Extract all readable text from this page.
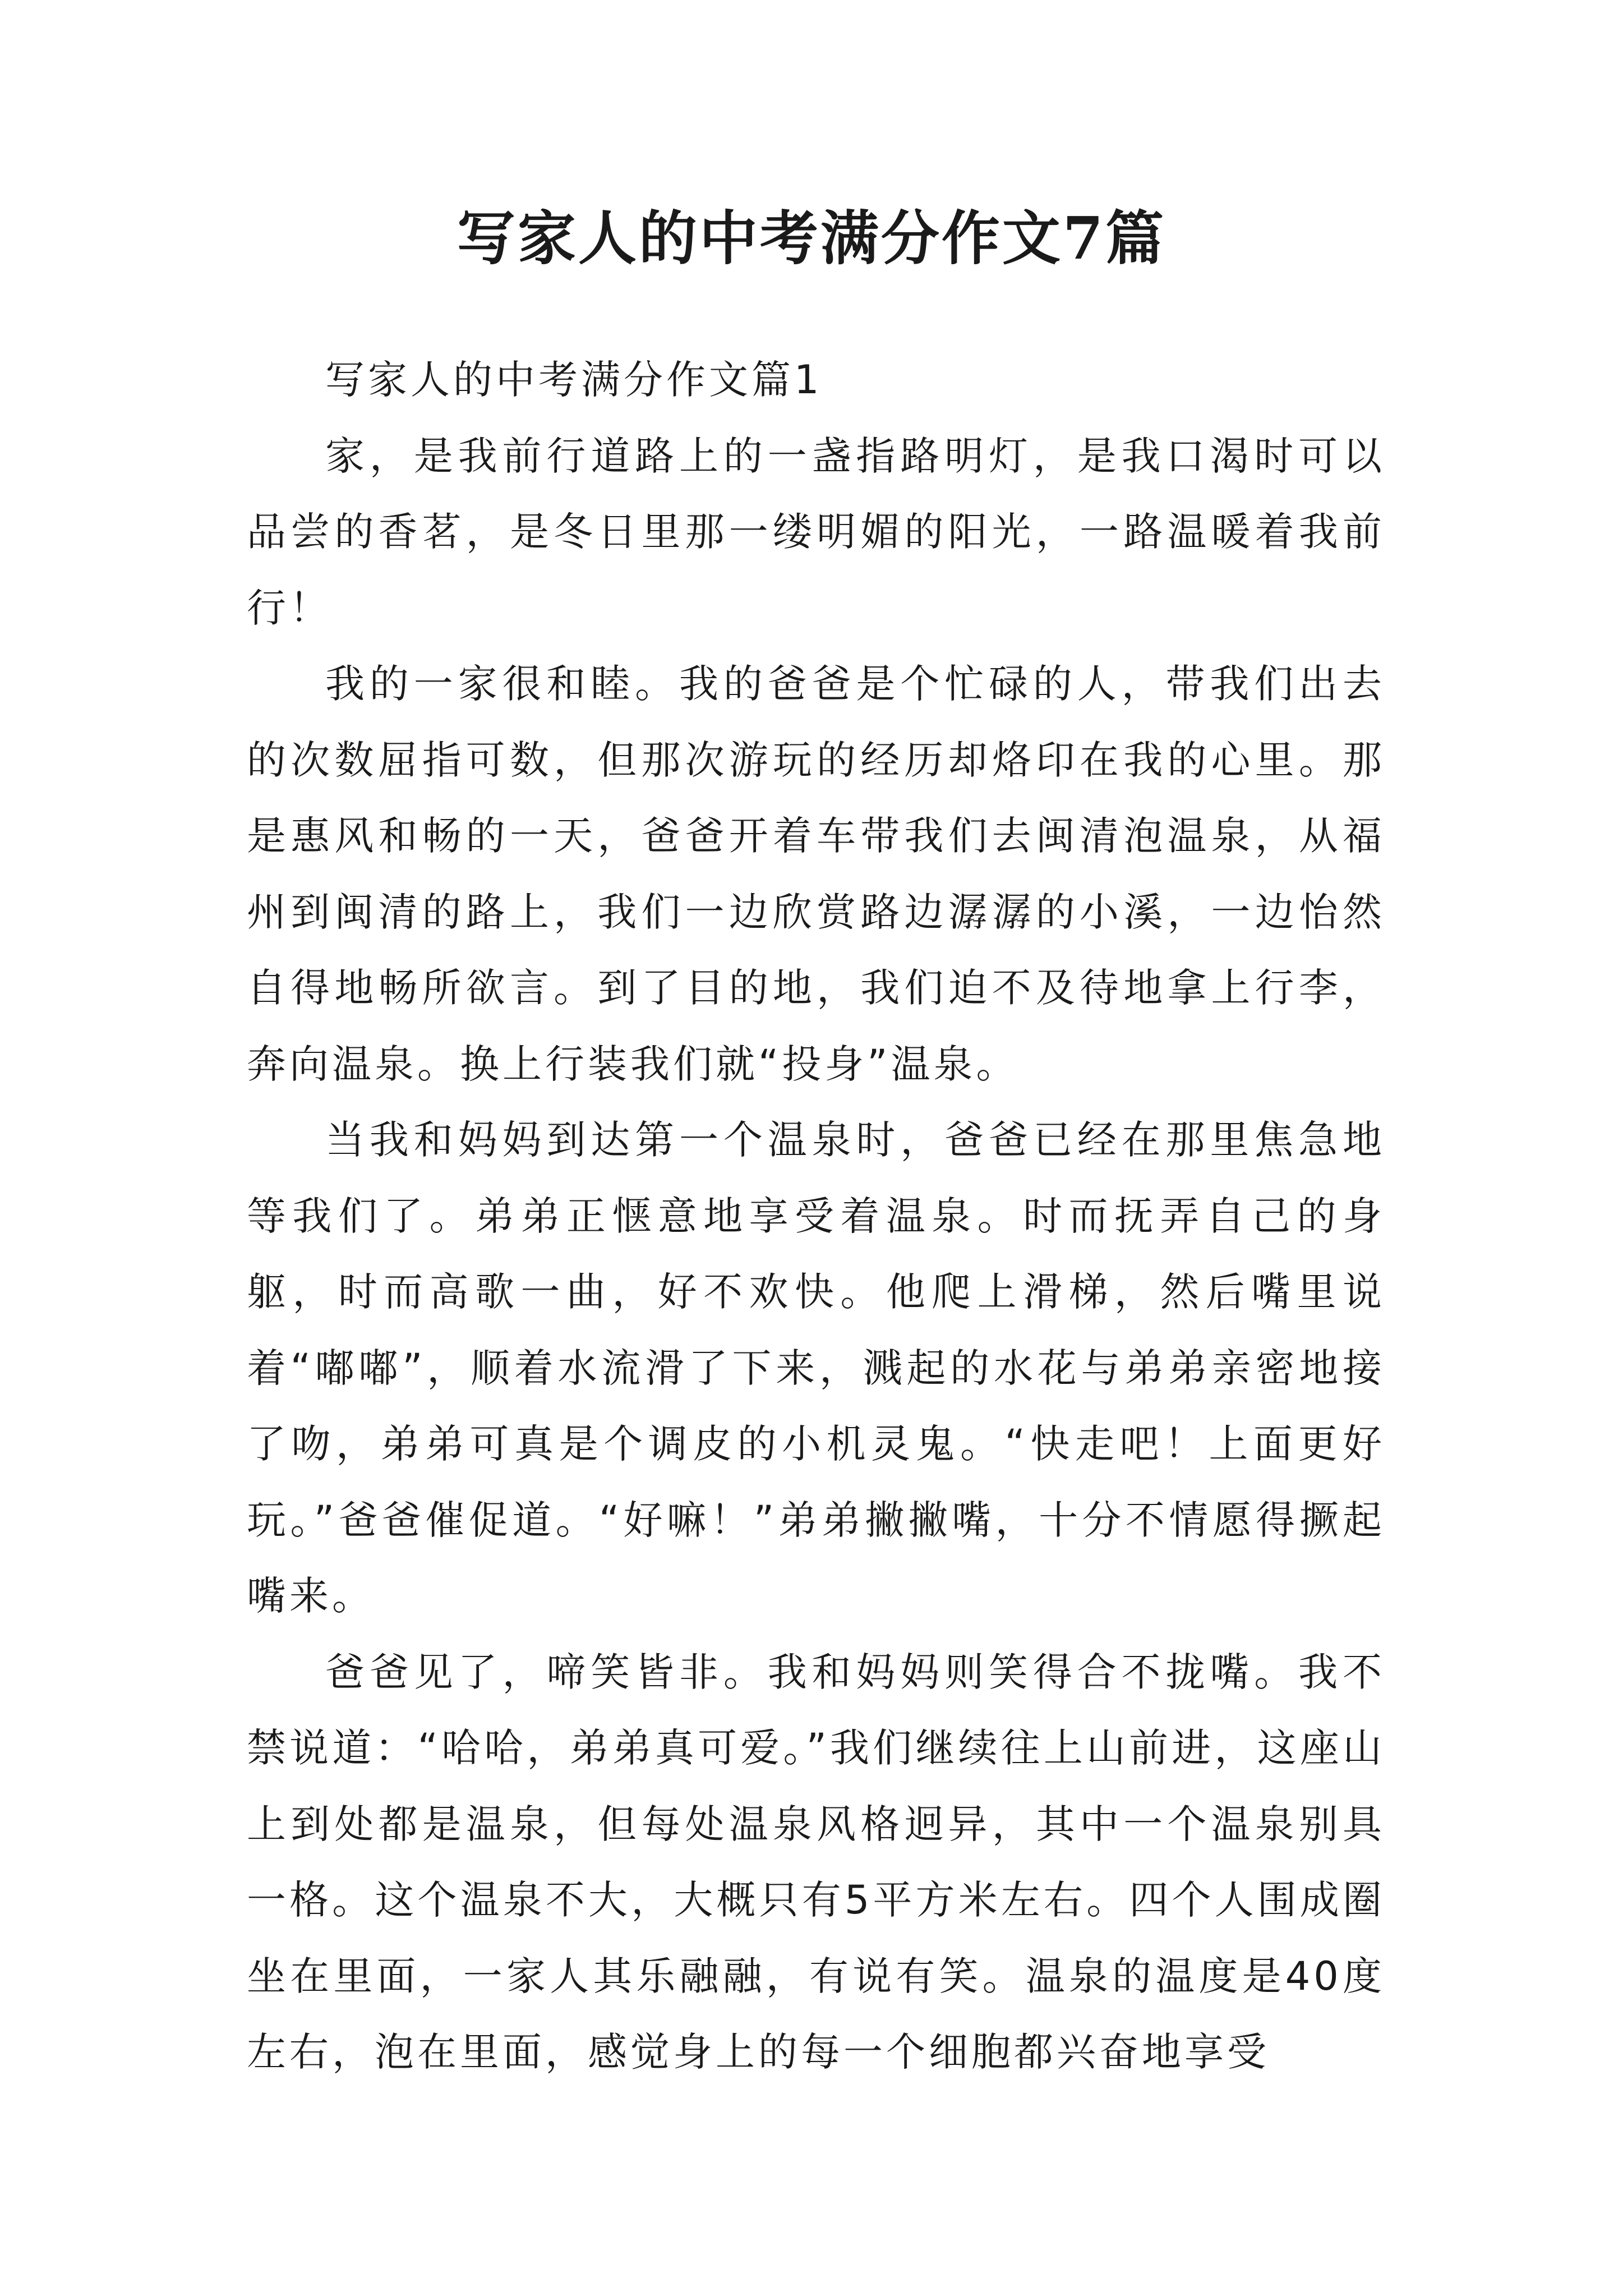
写家人的中考满分作文7篇

写家人的中考满分作文篇1

家，是我前行道路上的一盏指路明灯，是我口渴时可以品尝的香茗，是冬日里那一缕明媚的阳光，一路温暖着我前行！

我的一家很和睦。我的爸爸是个忙碌的人，带我们出去的次数屈指可数，但那次游玩的经历却烙印在我的心里。那是惠风和畅的一天，爸爸开着车带我们去闽清泡温泉，从福州到闽清的路上，我们一边欣赏路边潺潺的小溪，一边怡然自得地畅所欲言。到了目的地，我们迫不及待地拿上行李，奔向温泉。换上行装我们就“投身”温泉。

当我和妈妈到达第一个温泉时，爸爸已经在那里焦急地等我们了。弟弟正惬意地享受着温泉。时而抚弄自己的身躯，时而高歌一曲，好不欢快。他爬上滑梯，然后嘴里说着“嘟嘟”，顺着水流滑了下来，溅起的水花与弟弟亲密地接了吻，弟弟可真是个调皮的小机灵鬼。“快走吧！上面更好玩。”爸爸催促道。“好嘛！”弟弟撇撇嘴，十分不情愿得撅起嘴来。

爸爸见了，啼笑皆非。我和妈妈则笑得合不拢嘴。我不禁说道：“哈哈，弟弟真可爱。”我们继续往上山前进，这座山上到处都是温泉，但每处温泉风格迥异，其中一个温泉别具一格。这个温泉不大，大概只有5平方米左右。四个人围成圈坐在里面，一家人其乐融融，有说有笑。温泉的温度是40度左右，泡在里面，感觉身上的每一个细胞都兴奋地享受
